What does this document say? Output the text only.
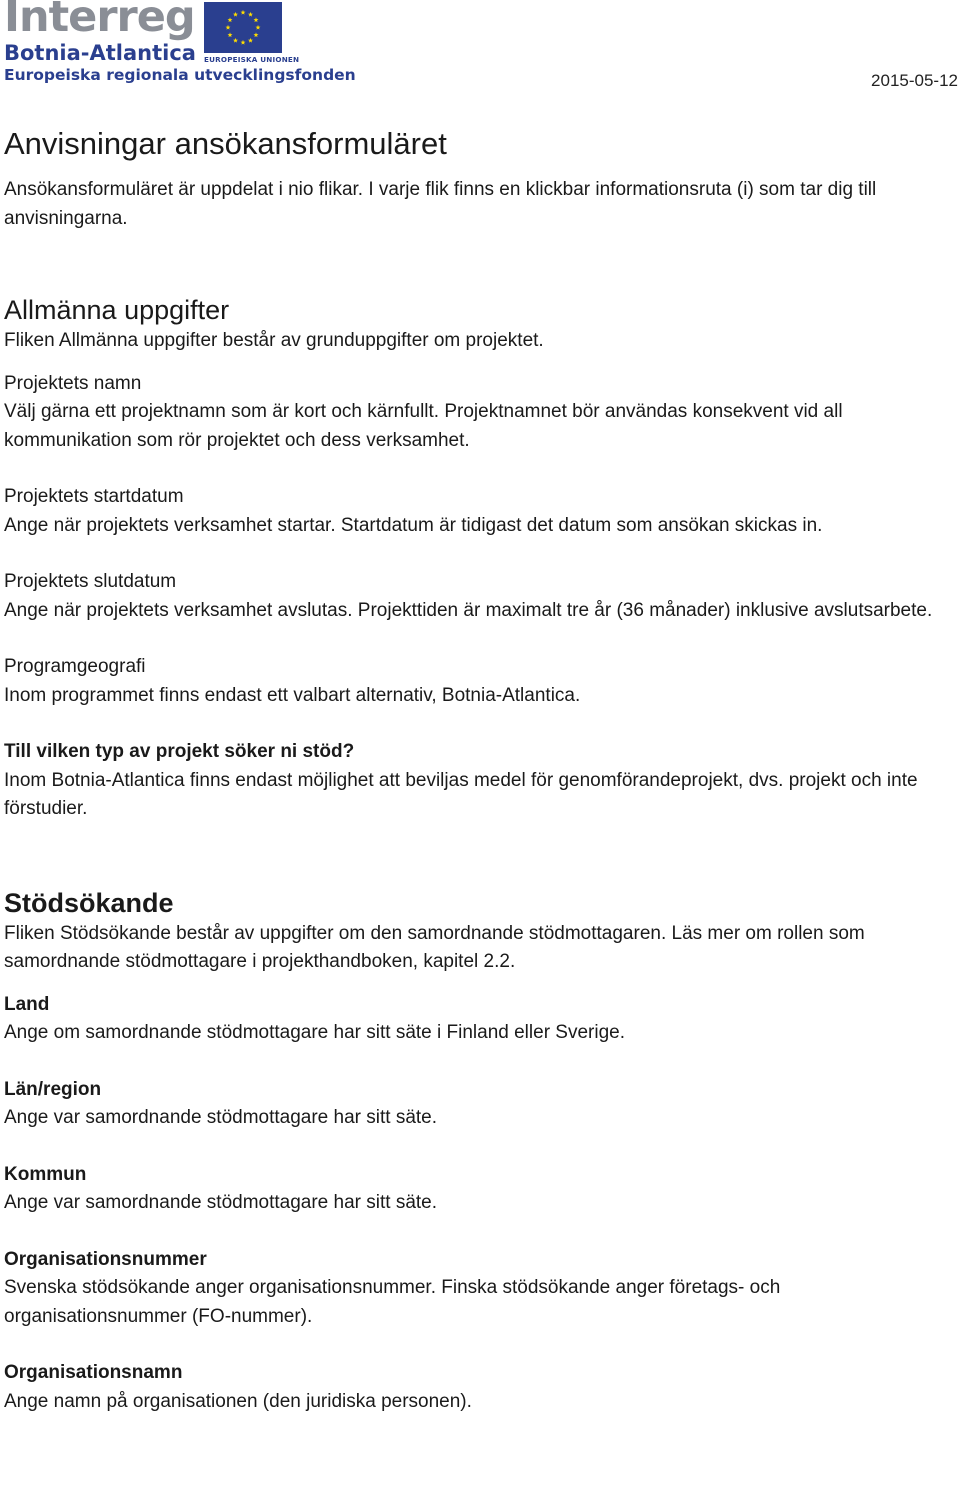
Interreg
Botnia-Atlantica
Europeiska regionala utvecklingsfonden
EUROPEISKA UNIONEN
2015-05-12
Anvisningar ansökansformuläret

Ansökansformuläret är uppdelat i nio flikar. I varje flik finns en klickbar informationsruta (i) som tar dig till anvisningarna.

Allmänna uppgifter

Fliken Allmänna uppgifter består av grunduppgifter om projektet.

Projektets namn

Välj gärna ett projektnamn som är kort och kärnfullt. Projektnamnet bör användas konsekvent vid all kommunikation som rör projektet och dess verksamhet.

Projektets startdatum

Ange när projektets verksamhet startar. Startdatum är tidigast det datum som ansökan skickas in.

Projektets slutdatum

Ange när projektets verksamhet avslutas. Projekttiden är maximalt tre år (36 månader) inklusive avslutsarbete.

Programgeografi

Inom programmet finns endast ett valbart alternativ, Botnia-Atlantica.

Till vilken typ av projekt söker ni stöd?

Inom Botnia-Atlantica finns endast möjlighet att beviljas medel för genomförandeprojekt, dvs. projekt och inte förstudier.

Stödsökande

Fliken Stödsökande består av uppgifter om den samordnande stödmottagaren. Läs mer om rollen som samordnande stödmottagare i projekthandboken, kapitel 2.2.

Land

Ange om samordnande stödmottagare har sitt säte i Finland eller Sverige.

Län/region

Ange var samordnande stödmottagare har sitt säte.

Kommun

Ange var samordnande stödmottagare har sitt säte.

Organisationsnummer

Svenska stödsökande anger organisationsnummer. Finska stödsökande anger företags- och organisationsnummer (FO-nummer).

Organisationsnamn

Ange namn på organisationen (den juridiska personen).
